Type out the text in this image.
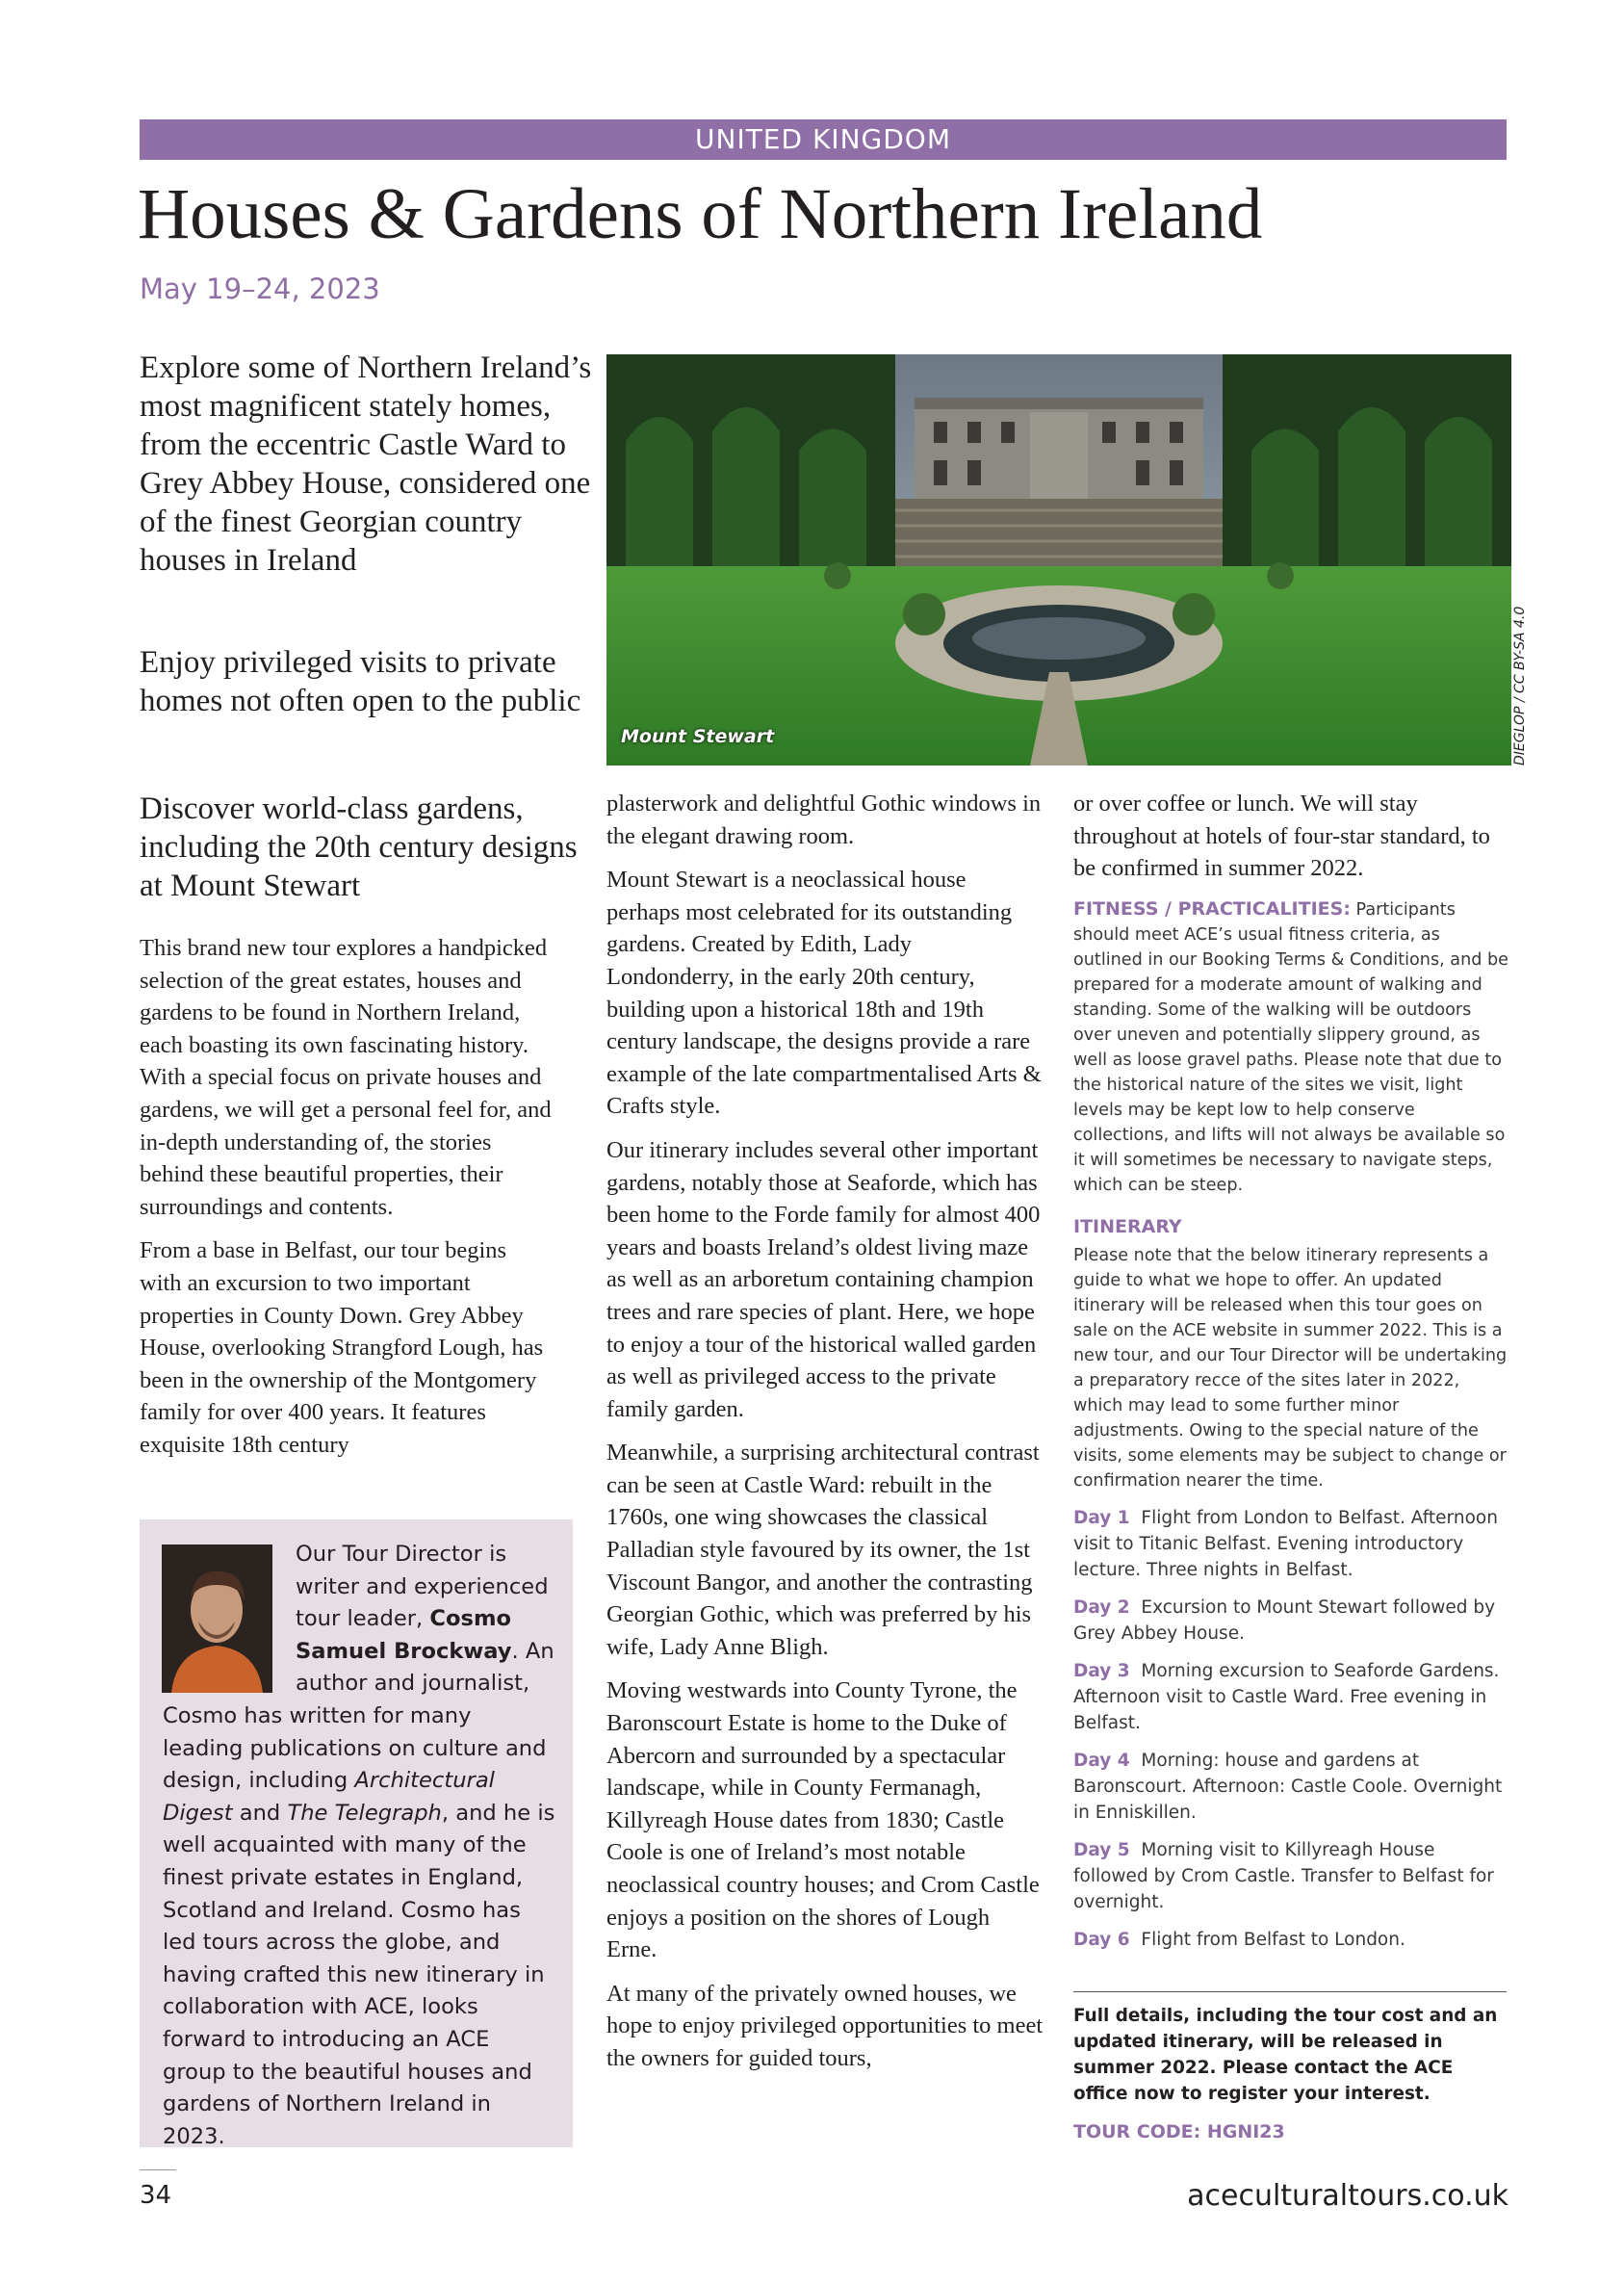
UNITED KINGDOM
Houses & Gardens of Northern Ireland
May 19–24, 2023

Explore some of Northern Ireland’s most magnificent stately homes, from the eccentric Castle Ward to Grey Abbey House, considered one of the finest Georgian country houses in Ireland

Enjoy privileged visits to private homes not often open to the public

Discover world-class gardens, including the 20th century designs at Mount Stewart

Mount Stewart	DIEGLOP / CC BY-SA 4.0

This brand new tour explores a handpicked selection of the great estates, houses and gardens to be found in Northern Ireland, each boasting its own fascinating history. With a special focus on private houses and gardens, we will get a personal feel for, and in-depth understanding of, the stories behind these beautiful properties, their surroundings and contents.

From a base in Belfast, our tour begins with an excursion to two important properties in County Down. Grey Abbey House, overlooking Strangford Lough, has been in the ownership of the Montgomery family for over 400 years. It features exquisite 18th century

Our Tour Director is writer and experienced tour leader, Cosmo Samuel Brockway. An author and journalist, Cosmo has written for many leading publications on culture and design, including Architectural Digest and The Telegraph, and he is well acquainted with many of the finest private estates in England, Scotland and Ireland. Cosmo has led tours across the globe, and having crafted this new itinerary in collaboration with ACE, looks forward to introducing an ACE group to the beautiful houses and gardens of Northern Ireland in 2023.

plasterwork and delightful Gothic windows in the elegant drawing room.

Mount Stewart is a neoclassical house perhaps most celebrated for its outstanding gardens. Created by Edith, Lady Londonderry, in the early 20th century, building upon a historical 18th and 19th century landscape, the designs provide a rare example of the late compartmentalised Arts & Crafts style.

Our itinerary includes several other important gardens, notably those at Seaforde, which has been home to the Forde family for almost 400 years and boasts Ireland’s oldest living maze as well as an arboretum containing champion trees and rare species of plant. Here, we hope to enjoy a tour of the historical walled garden as well as privileged access to the private family garden.

Meanwhile, a surprising architectural contrast can be seen at Castle Ward: rebuilt in the 1760s, one wing showcases the classical Palladian style favoured by its owner, the 1st Viscount Bangor, and another the contrasting Georgian Gothic, which was preferred by his wife, Lady Anne Bligh.

Moving westwards into County Tyrone, the Baronscourt Estate is home to the Duke of Abercorn and surrounded by a spectacular landscape, while in County Fermanagh, Killyreagh House dates from 1830; Castle Coole is one of Ireland’s most notable neoclassical country houses; and Crom Castle enjoys a position on the shores of Lough Erne.

At many of the privately owned houses, we hope to enjoy privileged opportunities to meet the owners for guided tours,

or over coffee or lunch. We will stay throughout at hotels of four-star standard, to be confirmed in summer 2022.

FITNESS / PRACTICALITIES: Participants should meet ACE’s usual fitness criteria, as outlined in our Booking Terms & Conditions, and be prepared for a moderate amount of walking and standing. Some of the walking will be outdoors over uneven and potentially slippery ground, as well as loose gravel paths. Please note that due to the historical nature of the sites we visit, light levels may be kept low to help conserve collections, and lifts will not always be available so it will sometimes be necessary to navigate steps, which can be steep.
ITINERARY
Please note that the below itinerary represents a guide to what we hope to offer. An updated itinerary will be released when this tour goes on sale on the ACE website in summer 2022. This is a new tour, and our Tour Director will be undertaking a preparatory recce of the sites later in 2022, which may lead to some further minor adjustments. Owing to the special nature of the visits, some elements may be subject to change or confirmation nearer the time.
Day 1 Flight from London to Belfast. Afternoon visit to Titanic Belfast. Evening introductory lecture. Three nights in Belfast.
Day 2 Excursion to Mount Stewart followed by Grey Abbey House.
Day 3 Morning excursion to Seaforde Gardens. Afternoon visit to Castle Ward. Free evening in Belfast.
Day 4 Morning: house and gardens at Baronscourt. Afternoon: Castle Coole. Overnight in Enniskillen.
Day 5 Morning visit to Killyreagh House followed by Crom Castle. Transfer to Belfast for overnight.
Day 6 Flight from Belfast to London.
Full details, including the tour cost and an updated itinerary, will be released in summer 2022. Please contact the ACE office now to register your interest.
TOUR CODE: HGNI23
34	aceculturaltours.co.uk
